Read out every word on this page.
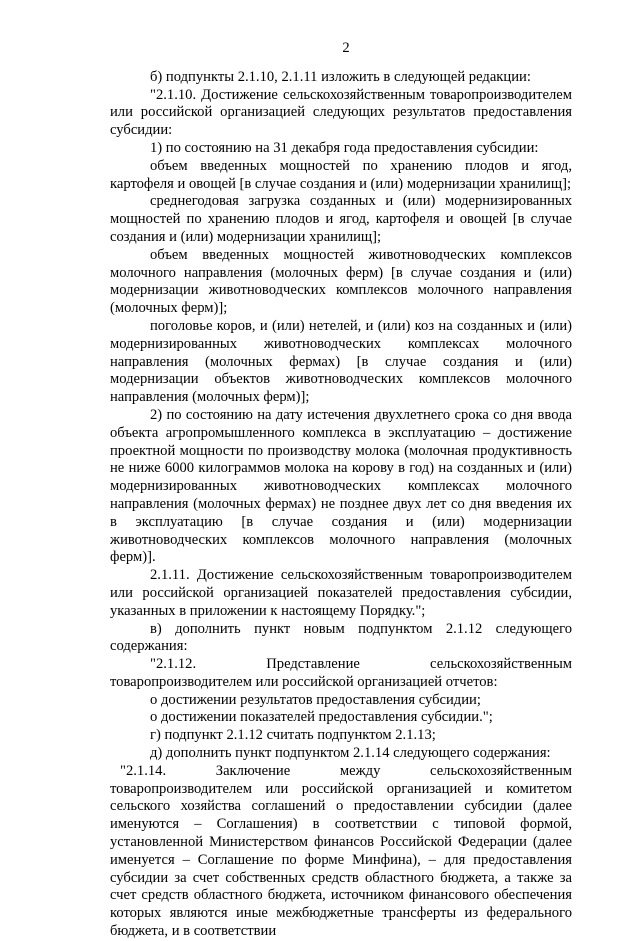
2

б) подпункты 2.1.10, 2.1.11 изложить в следующей редакции:

"2.1.10. Достижение сельскохозяйственным товаропроизводителем или российской организацией следующих результатов предоставления субсидии:

1) по состоянию на 31 декабря года предоставления субсидии:

объем введенных мощностей по хранению плодов и ягод, картофеля и овощей [в случае создания и (или) модернизации хранилищ];

среднегодовая загрузка созданных и (или) модернизированных мощностей по хранению плодов и ягод, картофеля и овощей [в случае создания и (или) модернизации хранилищ];

объем введенных мощностей животноводческих комплексов молочного направления (молочных ферм) [в случае создания и (или) модернизации животноводческих комплексов молочного направления (молочных ферм)];

поголовье коров, и (или) нетелей, и (или) коз на созданных и (или) модернизированных животноводческих комплексах молочного направления (молочных фермах) [в случае создания и (или) модернизации объектов животноводческих комплексов молочного направления (молочных ферм)];

2) по состоянию на дату истечения двухлетнего срока со дня ввода объекта агропромышленного комплекса в эксплуатацию – достижение проектной мощности по производству молока (молочная продуктивность не ниже 6000 килограммов молока на корову в год) на созданных и (или) модернизированных животноводческих комплексах молочного направления (молочных фермах) не позднее двух лет со дня введения их в эксплуатацию [в случае создания и (или) модернизации животноводческих комплексов молочного направления (молочных ферм)].

2.1.11. Достижение сельскохозяйственным товаропроизводителем или российской организацией показателей предоставления субсидии, указанных в приложении к настоящему Порядку.";

в) дополнить пункт новым подпунктом 2.1.12 следующего содержания:

"2.1.12. Представление сельскохозяйственным товаропроизводителем или российской организацией отчетов:

о достижении результатов предоставления субсидии;

о достижении показателей предоставления субсидии.";

г) подпункт 2.1.12 считать подпунктом 2.1.13;

д) дополнить пункт подпунктом 2.1.14 следующего содержания:

"2.1.14. Заключение между сельскохозяйственным товаропроизводителем или российской организацией и комитетом сельского хозяйства соглашений о предоставлении субсидии (далее именуются – Соглашения) в соответствии с типовой формой, установленной Министерством финансов Российской Федерации (далее именуется – Соглашение по форме Минфина), – для предоставления субсидии за счет собственных средств областного бюджета, а также за счет средств областного бюджета, источником финансового обеспечения которых являются иные межбюджетные трансферты из федерального бюджета, и в соответствии
